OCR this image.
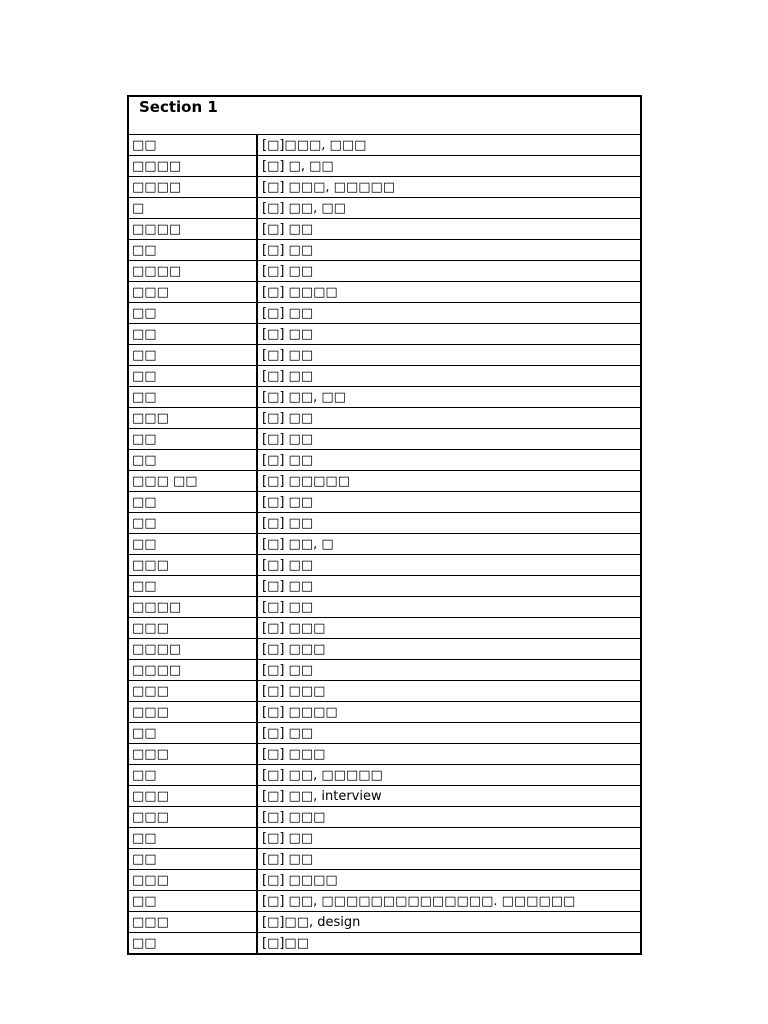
Section 1
□□	[□]□□□, □□□
□□□□	[□] □, □□
□□□□	[□] □□□, □□□□□
□	[□] □□, □□
□□□□	[□] □□
□□	[□] □□
□□□□	[□] □□
□□□	[□] □□□□
□□	[□] □□
□□	[□] □□
□□	[□] □□
□□	[□] □□
□□	[□] □□, □□
□□□	[□] □□
□□	[□] □□
□□	[□] □□
□□□ □□	[□] □□□□□
□□	[□] □□
□□	[□] □□
□□	[□] □□, □
□□□	[□] □□
□□	[□] □□
□□□□	[□] □□
□□□	[□] □□□
□□□□	[□] □□□
□□□□	[□] □□
□□□	[□] □□□
□□□	[□] □□□□
□□	[□] □□
□□□	[□] □□□
□□	[□] □□, □□□□□
□□□	[□] □□, interview
□□□	[□] □□□
□□	[□] □□
□□	[□] □□
□□□	[□] □□□□
□□	[□] □□, □□□□□□□□□□□□□□. □□□□□□
□□□	[□]□□, design
□□	[□]□□
